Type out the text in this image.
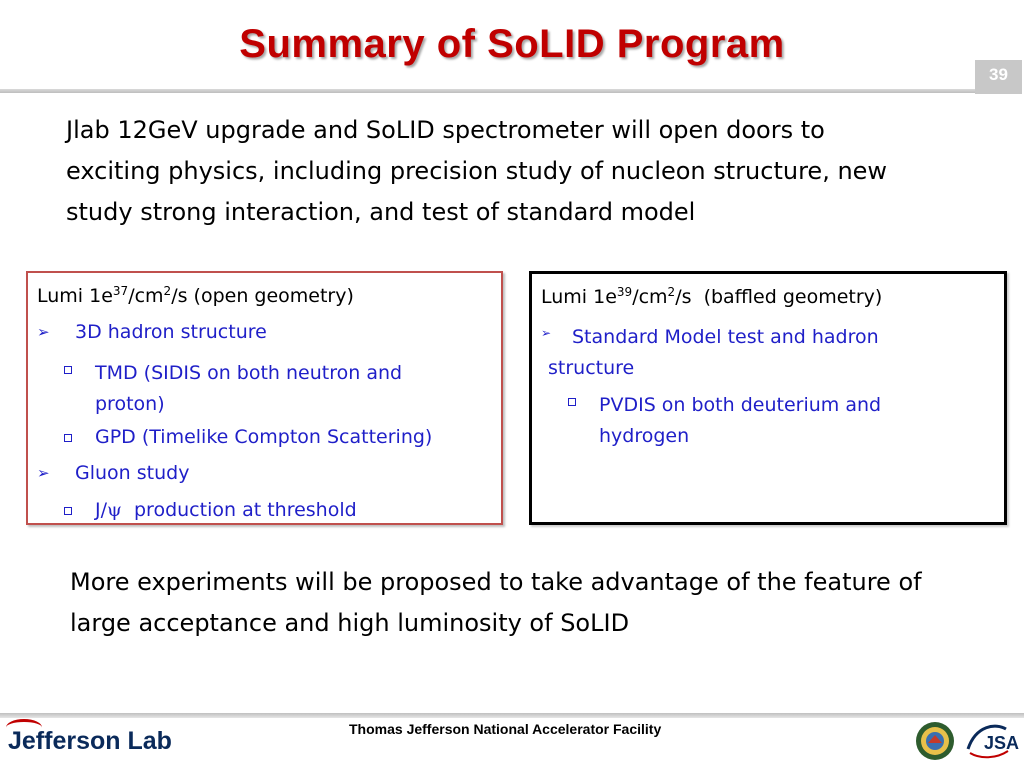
Summary of SoLID Program
39
Jlab 12GeV upgrade and SoLID spectrometer will open doors to exciting physics, including precision study of nucleon structure, new study strong interaction, and test of standard model
Lumi $1e^{37}/cm^2/s$ (open geometry)
➢ 3D hadron structure
TMD (SIDIS on both neutron and proton)
GPD (Timelike Compton Scattering)
➢ Gluon study
J/ψ  production at threshold
Lumi $1e^{39}/cm^2/s$  (baffled geometry)
➢	Standard Model test and hadron structure
PVDIS on both deuterium and hydrogen
More experiments will be proposed to take advantage of the feature of large acceptance and high luminosity of SoLID
Jefferson Lab	Thomas Jefferson National Accelerator Facility
JSA
